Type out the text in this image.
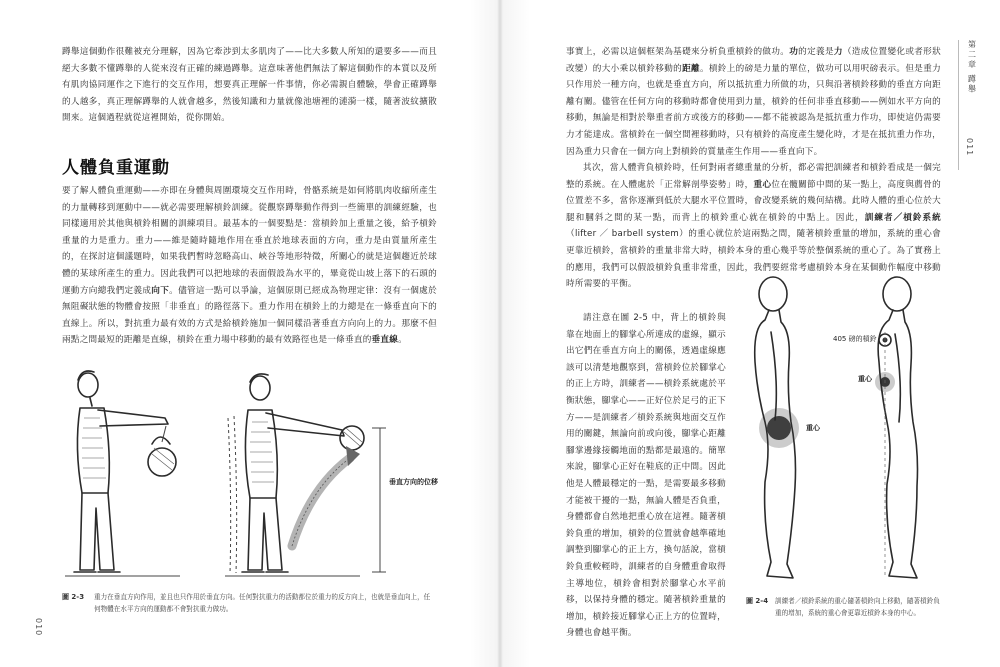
蹲舉這個動作很難被充分理解，因為它牽涉到太多肌肉了——比大多數人所知的還要多——而且絕大多數不懂蹲舉的人從來沒有正確的練過蹲舉。這意味著他們無法了解這個動作的本質以及所有肌肉協同運作之下進行的交互作用，想要真正理解一件事情，你必需親自體驗，學會正確蹲舉的人越多，真正理解蹲舉的人就會越多，然後知識和力量就像池塘裡的漣漪一樣，隨著波紋擴散開來。這個過程就從這裡開始，從你開始。
人體負重運動
要了解人體負重運動——亦即在身體與周圍環境交互作用時，骨骼系統是如何將肌肉收縮所產生的力量轉移到運動中——就必需要理解槓鈴訓練。從觀察蹲舉動作得到一些簡單的訓練經驗，也同樣適用於其他與槓鈴相關的訓練項目。最基本的一個要點是：當槓鈴加上重量之後，給予槓鈴重量的力是重力。重力——維是隨時隨地作用在垂直於地球表面的方向，重力是由質量所產生的，在探討這個議題時，如果我們暫時忽略高山、峽谷等地形特徵，所關心的就是這個趨近於球體的某球所產生的重力。因此我們可以把地球的表面假設為水平的，畢竟從山坡上落下的石頭的運動方向總我們定義成向下。儘管這一點可以爭論，這個原則已經成為物理定律：沒有一個處於無阻礙狀態的物體會按照「非垂直」的路徑落下。重力作用在槓鈴上的力總是在一條垂直向下的直線上。所以，對抗重力最有效的方式是給槓鈴施加一個同樣沿著垂直方向向上的力。那麼不但兩點之間最短的距離是直線，槓鈴在重力場中移動的最有效路徑也是一條垂直的垂直線。
垂直方向的位移
圖 2-3 重力在垂直方向作用，並且也只作用於垂直方向。任何對抗重力的活動都位於重力的反方向上，也就是垂直向上，任何物體在水平方向的運動都不會對抗重力做功。
010
事實上，必需以這個框架為基礎來分析負重槓鈴的做功。功的定義是力（造成位置變化或者形狀改變）的大小乘以槓鈴移動的距離。槓鈴上的磅是力量的單位，做功可以用呎磅表示。但是重力只作用於一種方向，也就是垂直方向，所以抵抗重力所做的功，只與沿著槓鈴移動的垂直方向距離有關。儘管在任何方向的移動時都會使用到力量，槓鈴的任何非垂直移動——例如水平方向的移動，無論是相對於舉重者前方或後方的移動——都不能被認為是抵抗重力作功，即使這仍需要力才能達成。當槓鈴在一個空間裡移動時，只有槓鈴的高度產生變化時，才是在抵抗重力作功，因為重力只會在一個方向上對槓鈴的質量產生作用——垂直向下。
其次，當人體背負槓鈴時，任何對兩者總重量的分析，都必需把訓練者和槓鈴看成是一個完整的系統。在人體處於「正常解剖學姿勢」時，重心位在髖關節中間的某一點上，高度與薦骨的位置差不多，當你逐漸到低於大腿水平位置時，會改變系統的幾何結構。此時人體的重心位於大腿和膕斜之間的某一點，而背上的槓鈴重心就在槓鈴的中點上。因此，訓練者／槓鈴系統（lifter ／ barbell system）的重心就位於這兩點之間，隨著槓鈴重量的增加，系統的重心會更靠近槓鈴，當槓鈴的重量非常大時，槓鈴本身的重心幾乎等於整個系統的重心了。為了實務上的應用，我們可以假設槓鈴負重非常重，因此，我們要經常考慮槓鈴本身在某個動作幅度中移動時所需要的平衡。
請注意在圖 2-5 中，背上的槓鈴與靠在地面上的腳掌心所連成的虛線，顯示出它們在垂直方向上的關係，透過虛線應該可以清楚地觀察到，當槓鈴位於腳掌心的正上方時，訓練者——槓鈴系統處於平衡狀態，腳掌心——正好位於足弓的正下方——是訓練者／槓鈴系統與地面交互作用的關鍵，無論向前或向後，腳掌心距離腳掌邊緣接觸地面的點都是最遠的。簡單來說，腳掌心正好在鞋底的正中間。因此他是人體最穩定的一點，是需要最多移動才能被干擾的一點，無論人體是否負重，身體都會自然地把重心放在這裡。隨著槓鈴負重的增加，槓鈴的位置就會越準確地調整到腳掌心的正上方，換句話說，當槓鈴負重較輕時，訓練者的自身體重會取得主導地位，槓鈴會相對於腳掌心水平前移，以保持身體的穩定。隨著槓鈴重量的增加，槓鈴接近腳掌心正上方的位置時，身體也會越平衡。
405 磅的槓鈴
重心
重心
圖 2-4 訓練者／槓鈴系統的重心隨著槓鈴向上移動，隨著槓鈴負重的增加，系統的重心會更靠近槓鈴本身的中心。
第二章 蹲舉
011
